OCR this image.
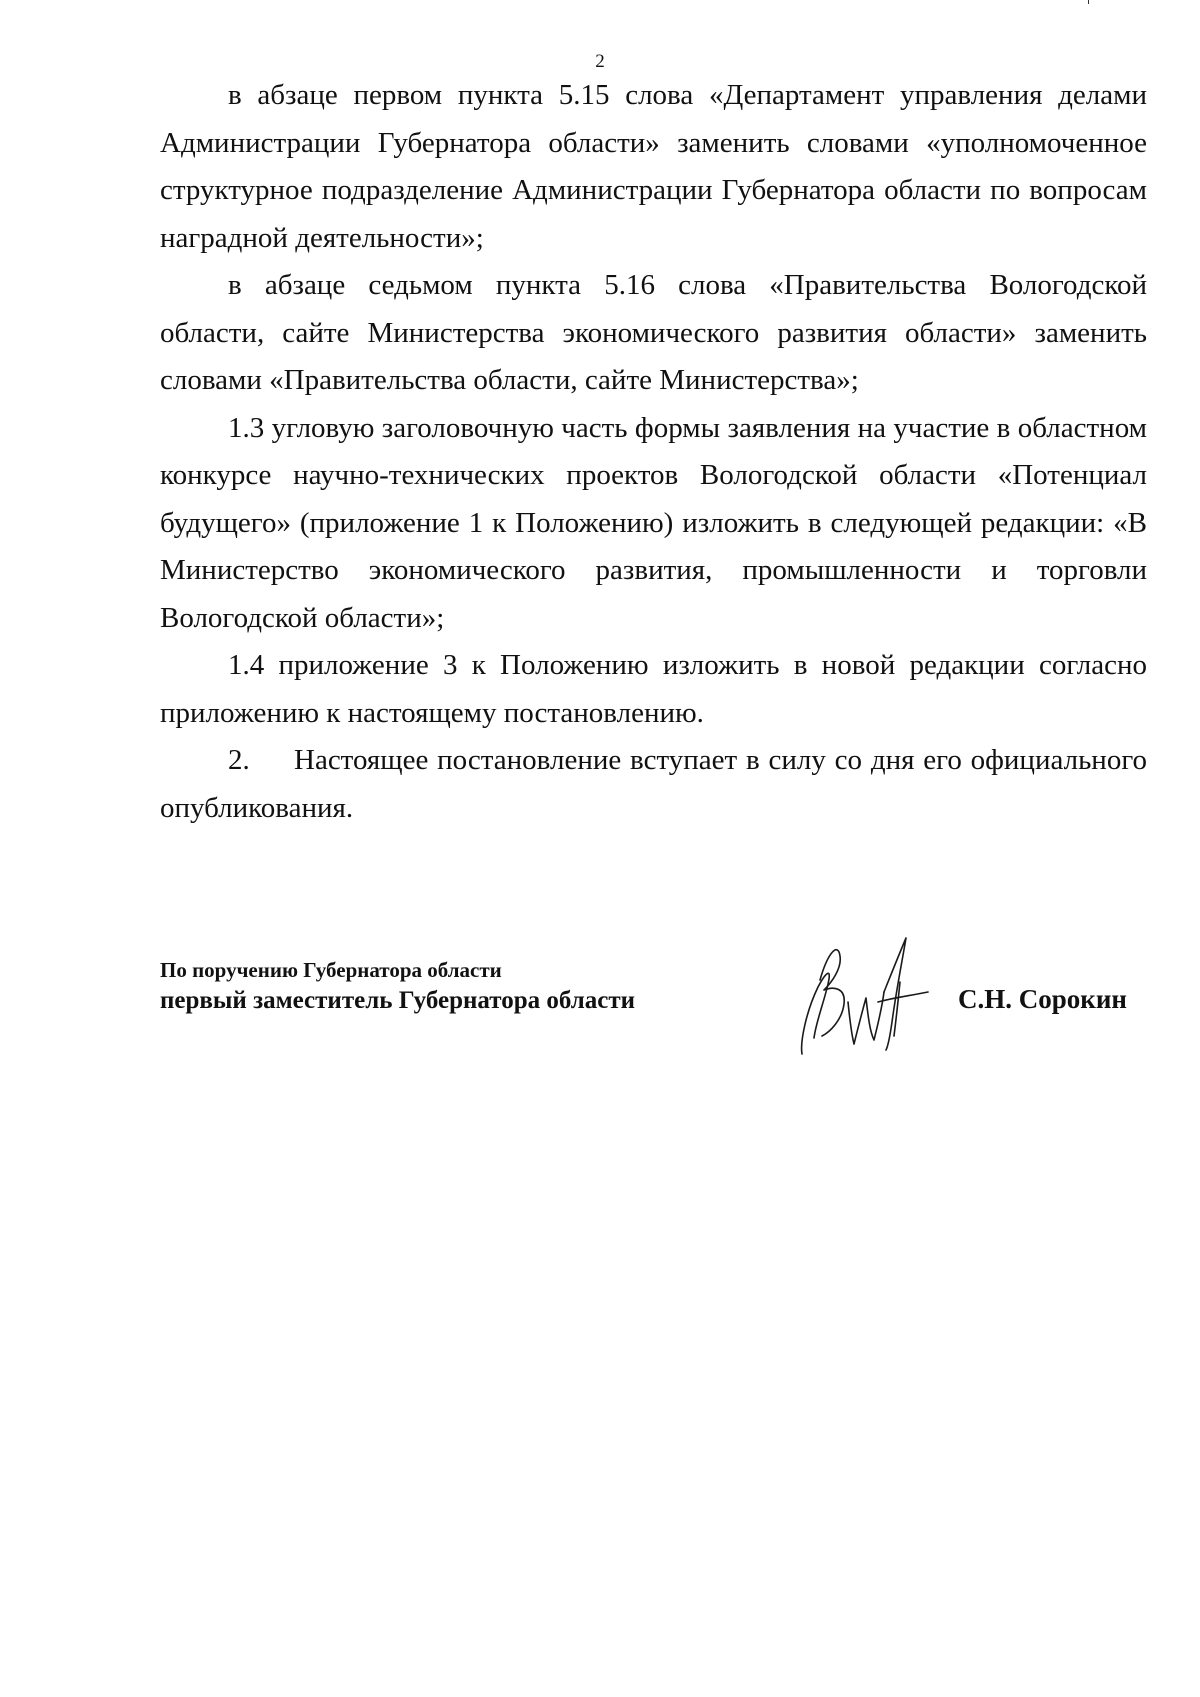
2

в абзаце первом пункта 5.15 слова «Департамент управления делами Администрации Губернатора области» заменить словами «уполномоченное структурное подразделение Администрации Губернатора области по вопросам наградной деятельности»;

в абзаце седьмом пункта 5.16 слова «Правительства Вологодской области, сайте Министерства экономического развития области» заменить словами «Правительства области, сайте Министерства»;

1.3 угловую заголовочную часть формы заявления на участие в областном конкурсе научно-технических проектов Вологодской области «Потенциал будущего» (приложение 1 к Положению) изложить в следующей редакции: «В Министерство экономического развития, промышленности и торговли Вологодской области»;

1.4 приложение 3 к Положению изложить в новой редакции согласно приложению к настоящему постановлению.

2. Настоящее постановление вступает в силу со дня его официального опубликования.

По поручению Губернатора области
первый заместитель Губернатора области	С.Н. Сорокин
